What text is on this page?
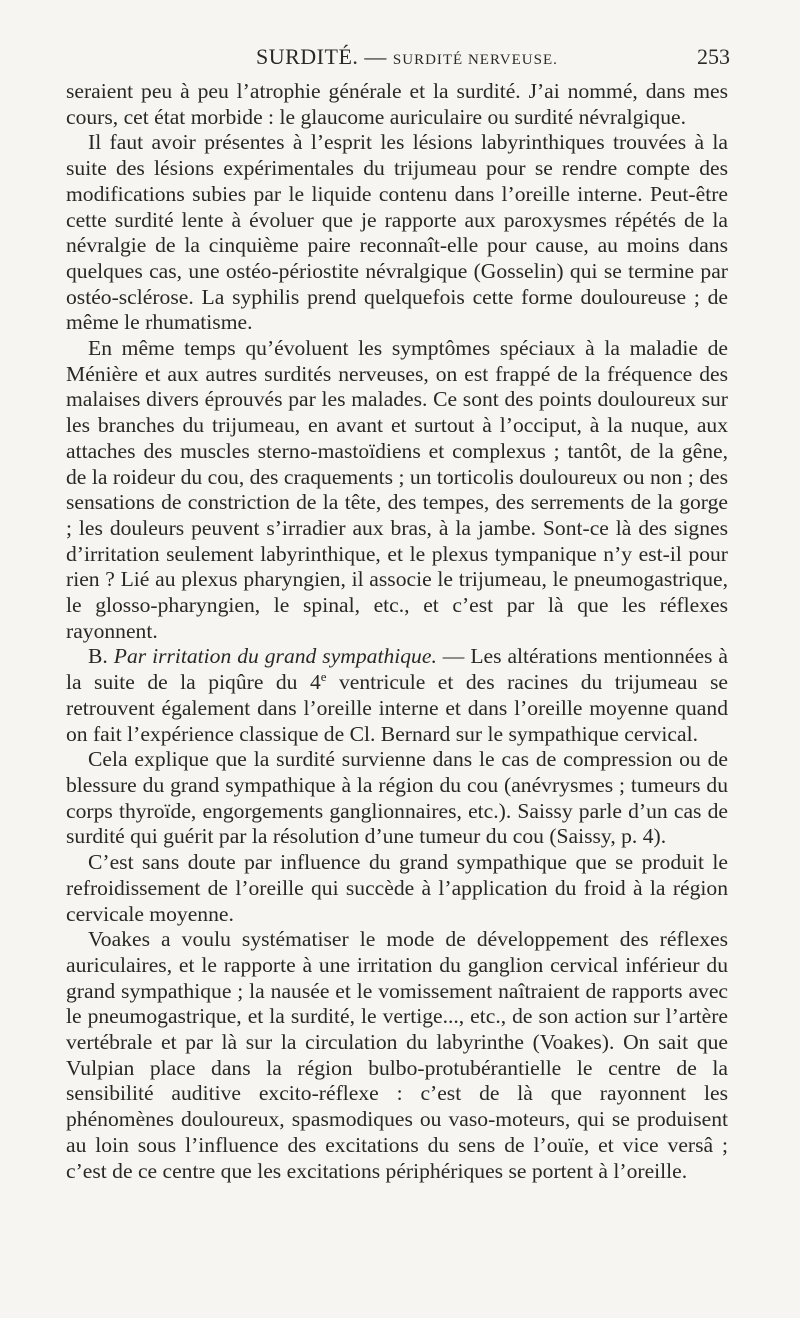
SURDITÉ. — SURDITÉ NERVEUSE.	253

seraient peu à peu l’atrophie générale et la surdité. J’ai nommé, dans mes cours, cet état morbide : le glaucome auriculaire ou surdité névralgique.

Il faut avoir présentes à l’esprit les lésions labyrinthiques trouvées à la suite des lésions expérimentales du trijumeau pour se rendre compte des modifications subies par le liquide contenu dans l’oreille interne. Peut-être cette surdité lente à évoluer que je rapporte aux paroxysmes répétés de la névralgie de la cinquième paire reconnaît-elle pour cause, au moins dans quelques cas, une ostéo-périostite névralgique (Gosselin) qui se termine par ostéo-sclérose. La syphilis prend quelquefois cette forme douloureuse ; de même le rhumatisme.

En même temps qu’évoluent les symptômes spéciaux à la maladie de Ménière et aux autres surdités nerveuses, on est frappé de la fréquence des malaises divers éprouvés par les malades. Ce sont des points douloureux sur les branches du trijumeau, en avant et surtout à l’occiput, à la nuque, aux attaches des muscles sterno-mastoïdiens et complexus ; tantôt, de la gêne, de la roideur du cou, des craquements ; un torticolis douloureux ou non ; des sensations de constriction de la tête, des tempes, des serrements de la gorge ; les douleurs peuvent s’irradier aux bras, à la jambe. Sont-ce là des signes d’irritation seulement labyrinthique, et le plexus tympanique n’y est-il pour rien ? Lié au plexus pharyngien, il associe le trijumeau, le pneumogastrique, le glosso-pharyngien, le spinal, etc., et c’est par là que les réflexes rayonnent.

B. Par irritation du grand sympathique. — Les altérations mentionnées à la suite de la piqûre du 4e ventricule et des racines du trijumeau se retrouvent également dans l’oreille interne et dans l’oreille moyenne quand on fait l’expérience classique de Cl. Bernard sur le sympathique cervical.

Cela explique que la surdité survienne dans le cas de compression ou de blessure du grand sympathique à la région du cou (anévrysmes ; tumeurs du corps thyroïde, engorgements ganglionnaires, etc.). Saissy parle d’un cas de surdité qui guérit par la résolution d’une tumeur du cou (Saissy, p. 4).

C’est sans doute par influence du grand sympathique que se produit le refroidissement de l’oreille qui succède à l’application du froid à la région cervicale moyenne.

Voakes a voulu systématiser le mode de développement des réflexes auriculaires, et le rapporte à une irritation du ganglion cervical inférieur du grand sympathique ; la nausée et le vomissement naîtraient de rapports avec le pneumogastrique, et la surdité, le vertige..., etc., de son action sur l’artère vertébrale et par là sur la circulation du labyrinthe (Voakes). On sait que Vulpian place dans la région bulbo-protubérantielle le centre de la sensibilité auditive excito-réflexe : c’est de là que rayonnent les phénomènes douloureux, spasmodiques ou vaso-moteurs, qui se produisent au loin sous l’influence des excitations du sens de l’ouïe, et vice versâ ; c’est de ce centre que les excitations périphériques se portent à l’oreille.
